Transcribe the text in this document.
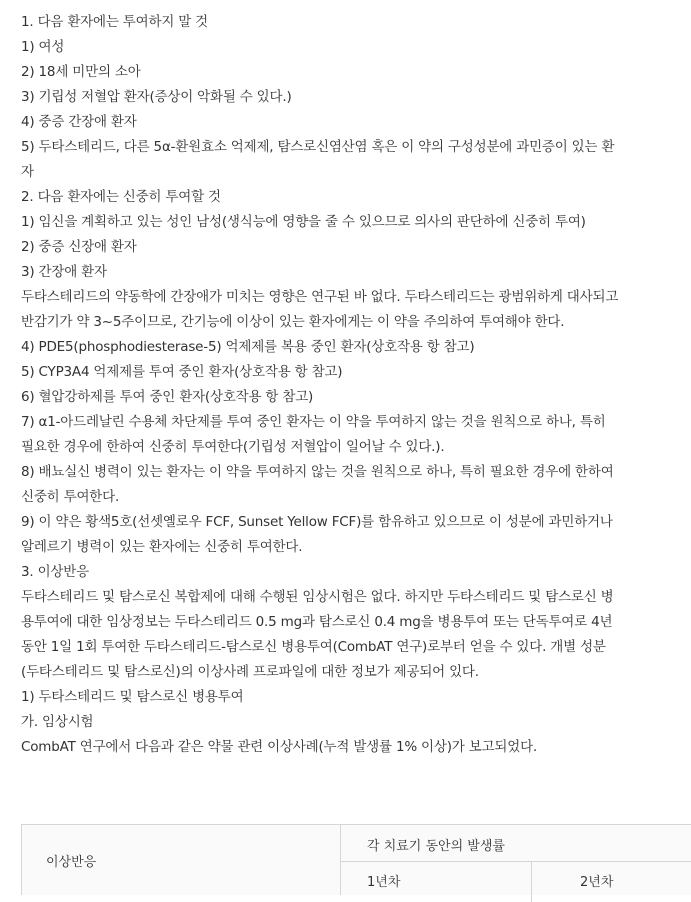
1. 다음 환자에는 투여하지 말 것
1) 여성
2) 18세 미만의 소아
3) 기립성 저혈압 환자(증상이 악화될 수 있다.)
4) 중증 간장애 환자
5) 두타스테리드, 다른 5α-환원효소 억제제, 탐스로신염산염 혹은 이 약의 구성성분에 과민증이 있는 환
자
2. 다음 환자에는 신중히 투여할 것
1) 임신을 계획하고 있는 성인 남성(생식능에 영향을 줄 수 있으므로 의사의 판단하에 신중히 투여)
2) 중증 신장애 환자
3) 간장애 환자
두타스테리드의 약동학에 간장애가 미치는 영향은 연구된 바 없다. 두타스테리드는 광범위하게 대사되고
반감기가 약 3~5주이므로, 간기능에 이상이 있는 환자에게는 이 약을 주의하여 투여해야 한다.
4) PDE5(phosphodiesterase-5) 억제제를 복용 중인 환자(상호작용 항 참고)
5) CYP3A4 억제제를 투여 중인 환자(상호작용 항 참고)
6) 혈압강하제를 투여 중인 환자(상호작용 항 참고)
7) α1-아드레날린 수용체 차단제를 투여 중인 환자는 이 약을 투여하지 않는 것을 원칙으로 하나, 특히
필요한 경우에 한하여 신중히 투여한다(기립성 저혈압이 일어날 수 있다.).
8) 배뇨실신 병력이 있는 환자는 이 약을 투여하지 않는 것을 원칙으로 하나, 특히 필요한 경우에 한하여
신중히 투여한다.
9) 이 약은 황색5호(선셋옐로우 FCF, Sunset Yellow FCF)를 함유하고 있으므로 이 성분에 과민하거나
알레르기 병력이 있는 환자에는 신중히 투여한다.
3. 이상반응
두타스테리드 및 탐스로신 복합제에 대해 수행된 임상시험은 없다. 하지만 두타스테리드 및 탐스로신 병
용투여에 대한 임상정보는 두타스테리드 0.5 mg과 탐스로신 0.4 mg을 병용투여 또는 단독투여로 4년
동안 1일 1회 투여한 두타스테리드-탐스로신 병용투여(CombAT 연구)로부터 얻을 수 있다. 개별 성분
(두타스테리드 및 탐스로신)의 이상사례 프로파일에 대한 정보가 제공되어 있다.
1) 두타스테리드 및 탐스로신 병용투여
가. 임상시험
CombAT 연구에서 다음과 같은 약물 관련 이상사례(누적 발생률 1% 이상)가 보고되었다.
이상반응
각 치료기 동안의 발생률
1년차	2년차
